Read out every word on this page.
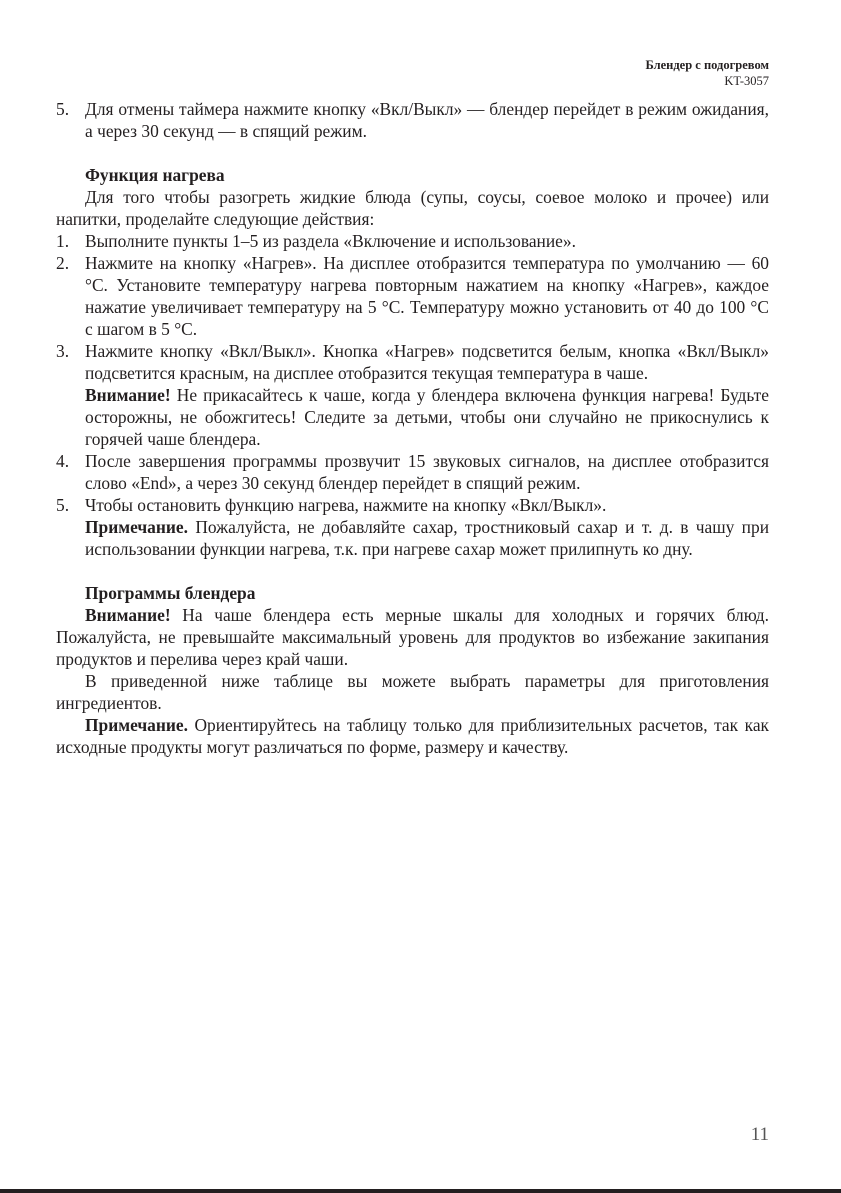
Блендер с подогревом
KT-3057
5. Для отмены таймера нажмите кнопку «Вкл/Выкл» — блендер перейдет в режим ожидания, а через 30 секунд — в спящий режим.

Функция нагрева

Для того чтобы разогреть жидкие блюда (супы, соусы, соевое молоко и прочее) или напитки, проделайте следующие действия:

1. Выполните пункты 1–5 из раздела «Включение и использование».

2. Нажмите на кнопку «Нагрев». На дисплее отобразится температура по умолчанию — 60 °С. Установите температуру нагрева повторным нажатием на кнопку «Нагрев», каждое нажатие увеличивает температуру на 5 °С. Температуру можно установить от 40 до 100 °С с шагом в 5 °С.

3. Нажмите кнопку «Вкл/Выкл». Кнопка «Нагрев» подсветится белым, кнопка «Вкл/Выкл» подсветится красным, на дисплее отобразится текущая температура в чаше.

Внимание! Не прикасайтесь к чаше, когда у блендера включена функция нагрева! Будьте осторожны, не обожгитесь! Следите за детьми, чтобы они случайно не прикоснулись к горячей чаше блендера.

4. После завершения программы прозвучит 15 звуковых сигналов, на дисплее отобразится слово «End», а через 30 секунд блендер перейдет в спящий режим.

5. Чтобы остановить функцию нагрева, нажмите на кнопку «Вкл/Выкл».

Примечание. Пожалуйста, не добавляйте сахар, тростниковый сахар и т. д. в чашу при использовании функции нагрева, т.к. при нагреве сахар может прилипнуть ко дну.

Программы блендера

Внимание! На чаше блендера есть мерные шкалы для холодных и горячих блюд. Пожалуйста, не превышайте максимальный уровень для продуктов во избежание закипания продуктов и перелива через край чаши.

В приведенной ниже таблице вы можете выбрать параметры для приготовления ингредиентов.

Примечание. Ориентируйтесь на таблицу только для приблизительных расчетов, так как исходные продукты могут различаться по форме, размеру и качеству.

11
